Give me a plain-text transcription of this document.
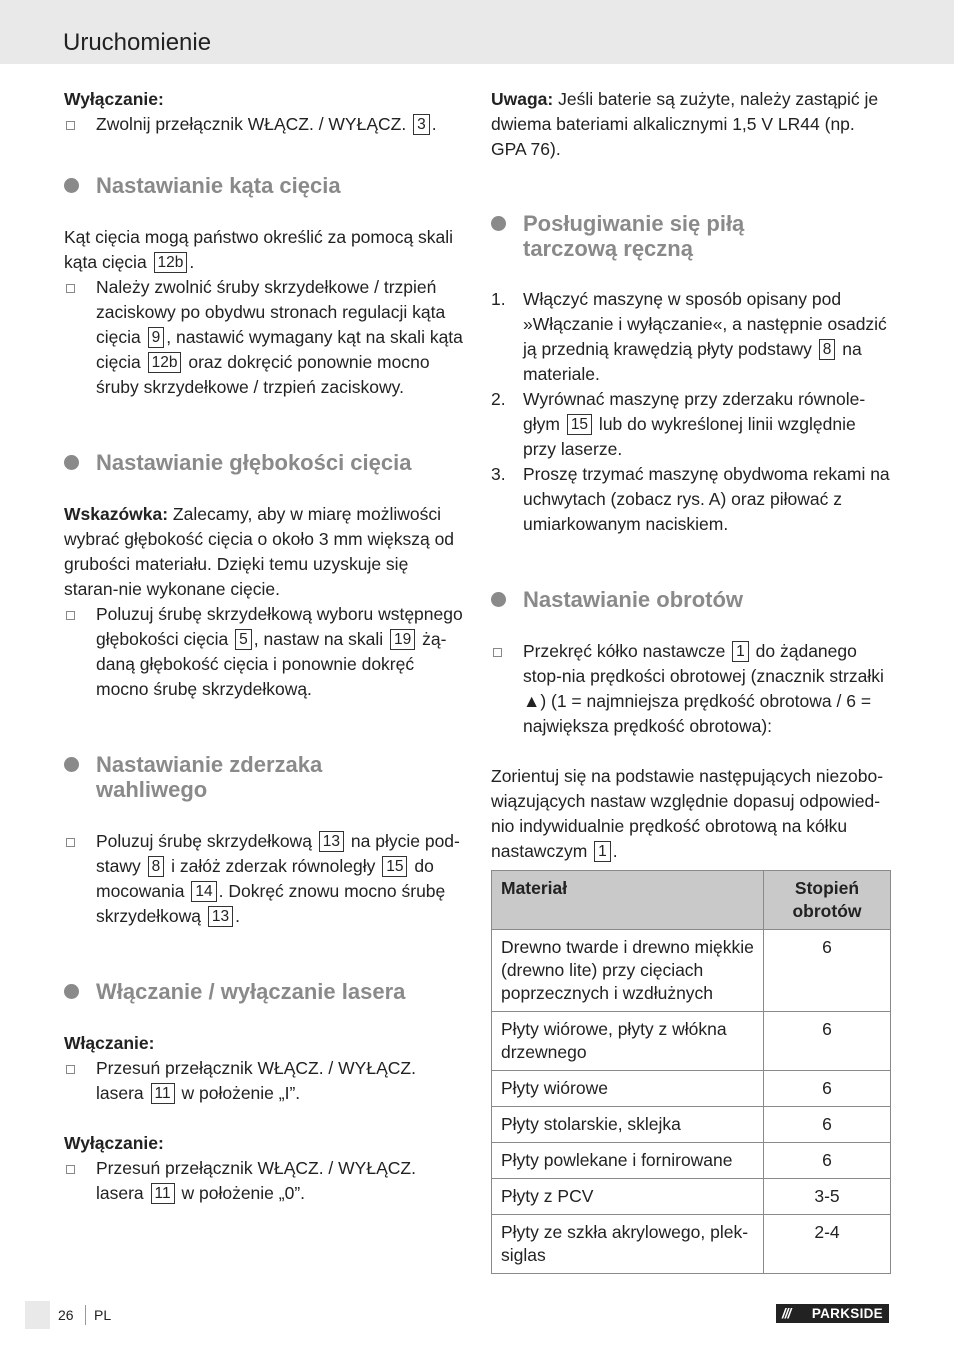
Uruchomienie

Wyłączanie:

Zwolnij przełącznik WŁĄCZ. / WYŁĄCZ. 3 .

Nastawianie kąta cięcia

Kąt cięcia mogą państwo określić za pomocą skali kąta cięcia 12b .

Należy zwolnić śruby skrzydełkowe / trzpień zaciskowy po obydwu stronach regulacji kąta cięcia 9 , nastawić wymagany kąt na skali kąta cięcia 12b oraz dokręcić ponownie mocno śruby skrzydełkowe / trzpień zaciskowy.

Nastawianie głębokości cięcia

Wskazówka: Zalecamy, aby w miarę możliwości wybrać głębokość cięcia o około 3 mm większą od grubości materiału. Dzięki temu uzyskuje się staran-nie wykonane cięcie.

Poluzuj śrubę skrzydełkową wyboru wstępnego głębokości cięcia 5 , nastaw na skali 19 żą-daną głębokość cięcia i ponownie dokręć mocno śrubę skrzydełkową.

Nastawianie zderzaka wahliwego

Poluzuj śrubę skrzydełkową 13 na płycie pod-stawy 8 i załóż zderzak równoległy 15 do mocowania 14 . Dokręć znowu mocno śrubę skrzydełkową 13 .

Włączanie / wyłączanie lasera

Włączanie:

Przesuń przełącznik WŁĄCZ. / WYŁĄCZ. lasera 11 w położenie „I”.

Wyłączanie:

Przesuń przełącznik WŁĄCZ. / WYŁĄCZ. lasera 11 w położenie „0”.

Uwaga: Jeśli baterie są zużyte, należy zastąpić je dwiema bateriami alkalicznymi 1,5 V LR44 (np. GPA 76).

Posługiwanie się piłą tarczową ręczną

1. Włączyć maszynę w sposób opisany pod »Włączanie i wyłączanie«, a następnie osadzić ją przednią krawędzią płyty podstawy 8 na materiale.

2. Wyrównać maszynę przy zderzaku równole-głym 15 lub do wykreślonej linii względnie przy laserze.

3. Proszę trzymać maszynę obydwoma rekami na uchwytach (zobacz rys. A) oraz piłować z umiarkowanym naciskiem.

Nastawianie obrotów

Przekręć kółko nastawcze 1 do żądanego stop-nia prędkości obrotowej (znacznik strzałki ▲) (1 = najmniejsza prędkość obrotowa / 6 = największa prędkość obrotowa):

Zorientuj się na podstawie następujących niezobo-wiązujących nastaw względnie dopasuj odpowied-nio indywidualnie prędkość obrotową na kółku nastawczym 1 .

Materiał	Stopień obrotów
Drewno twarde i drewno miękkie (drewno lite) przy cięciach poprzecznych i wzdłużnych	6
Płyty wiórowe, płyty z włókna drzewnego	6
Płyty wiórowe	6
Płyty stolarskie, sklejka	6
Płyty powlekane i fornirowane	6
Płyty z PCV	3-5
Płyty ze szkła akrylowego, plek-siglas	2-4
26 PL	/// PARKSIDE
